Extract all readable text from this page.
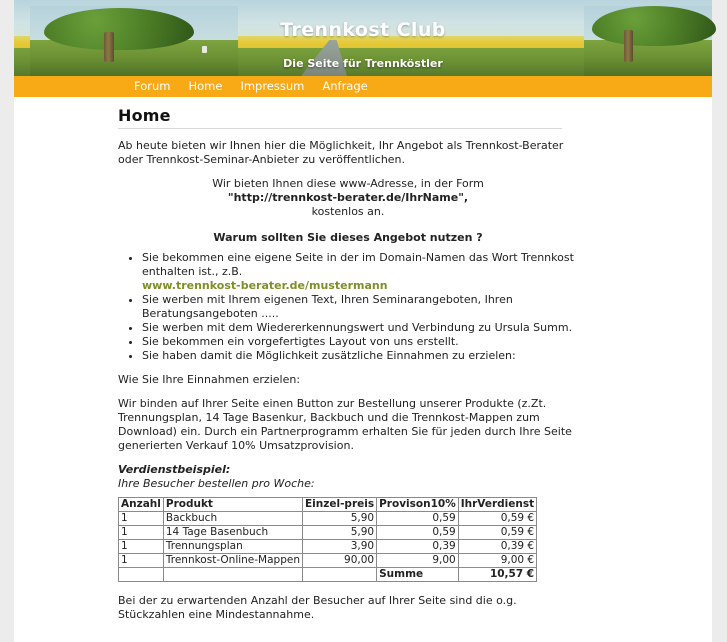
Trennkost Club
Die Seite für Trennköstler
Forum Home Impressum Anfrage
Home

Ab heute bieten wir Ihnen hier die Möglichkeit, Ihr Angebot als Trennkost-Berater oder Trennkost-Seminar-Anbieter zu veröffentlichen.

Wir bieten Ihnen diese www-Adresse, in der Form

"http://trennkost-berater.de/IhrName",

kostenlos an.

Warum sollten Sie dieses Angebot nutzen ?

• Sie bekommen eine eigene Seite in der im Domain-Namen das Wort Trennkost enthalten ist., z.B.
www.trennkost-berater.de/mustermann
• Sie werben mit Ihrem eigenen Text, Ihren Seminarangeboten, Ihren Beratungsangeboten .....
• Sie werben mit dem Wiedererkennungswert und Verbindung zu Ursula Summ.
• Sie bekommen ein vorgefertigtes Layout von uns erstellt.
• Sie haben damit die Möglichkeit zusätzliche Einnahmen zu erzielen:

Wie Sie Ihre Einnahmen erzielen:

Wir binden auf Ihrer Seite einen Button zur Bestellung unserer Produkte (z.Zt. Trennungsplan, 14 Tage Basenkur, Backbuch und die Trennkost-Mappen zum Download) ein. Durch ein Partnerprogramm erhalten Sie für jeden durch Ihre Seite generierten Verkauf 10% Umsatzprovision.

Verdienstbeispiel:

Ihre Besucher bestellen pro Woche:

Anzahl	Produkt	Einzel-preis	Provison10%	IhrVerdienst
1	Backbuch	5,90	0,59	0,59 €
1	14 Tage Basenbuch	5,90	0,59	0,59 €
1	Trennungsplan	3,90	0,39	0,39 €
1	Trennkost-Online-Mappen	90,00	9,00	9,00 €
			Summe	10,57 €

Bei der zu erwartenden Anzahl der Besucher auf Ihrer Seite sind die o.g. Stückzahlen eine Mindestannahme.
